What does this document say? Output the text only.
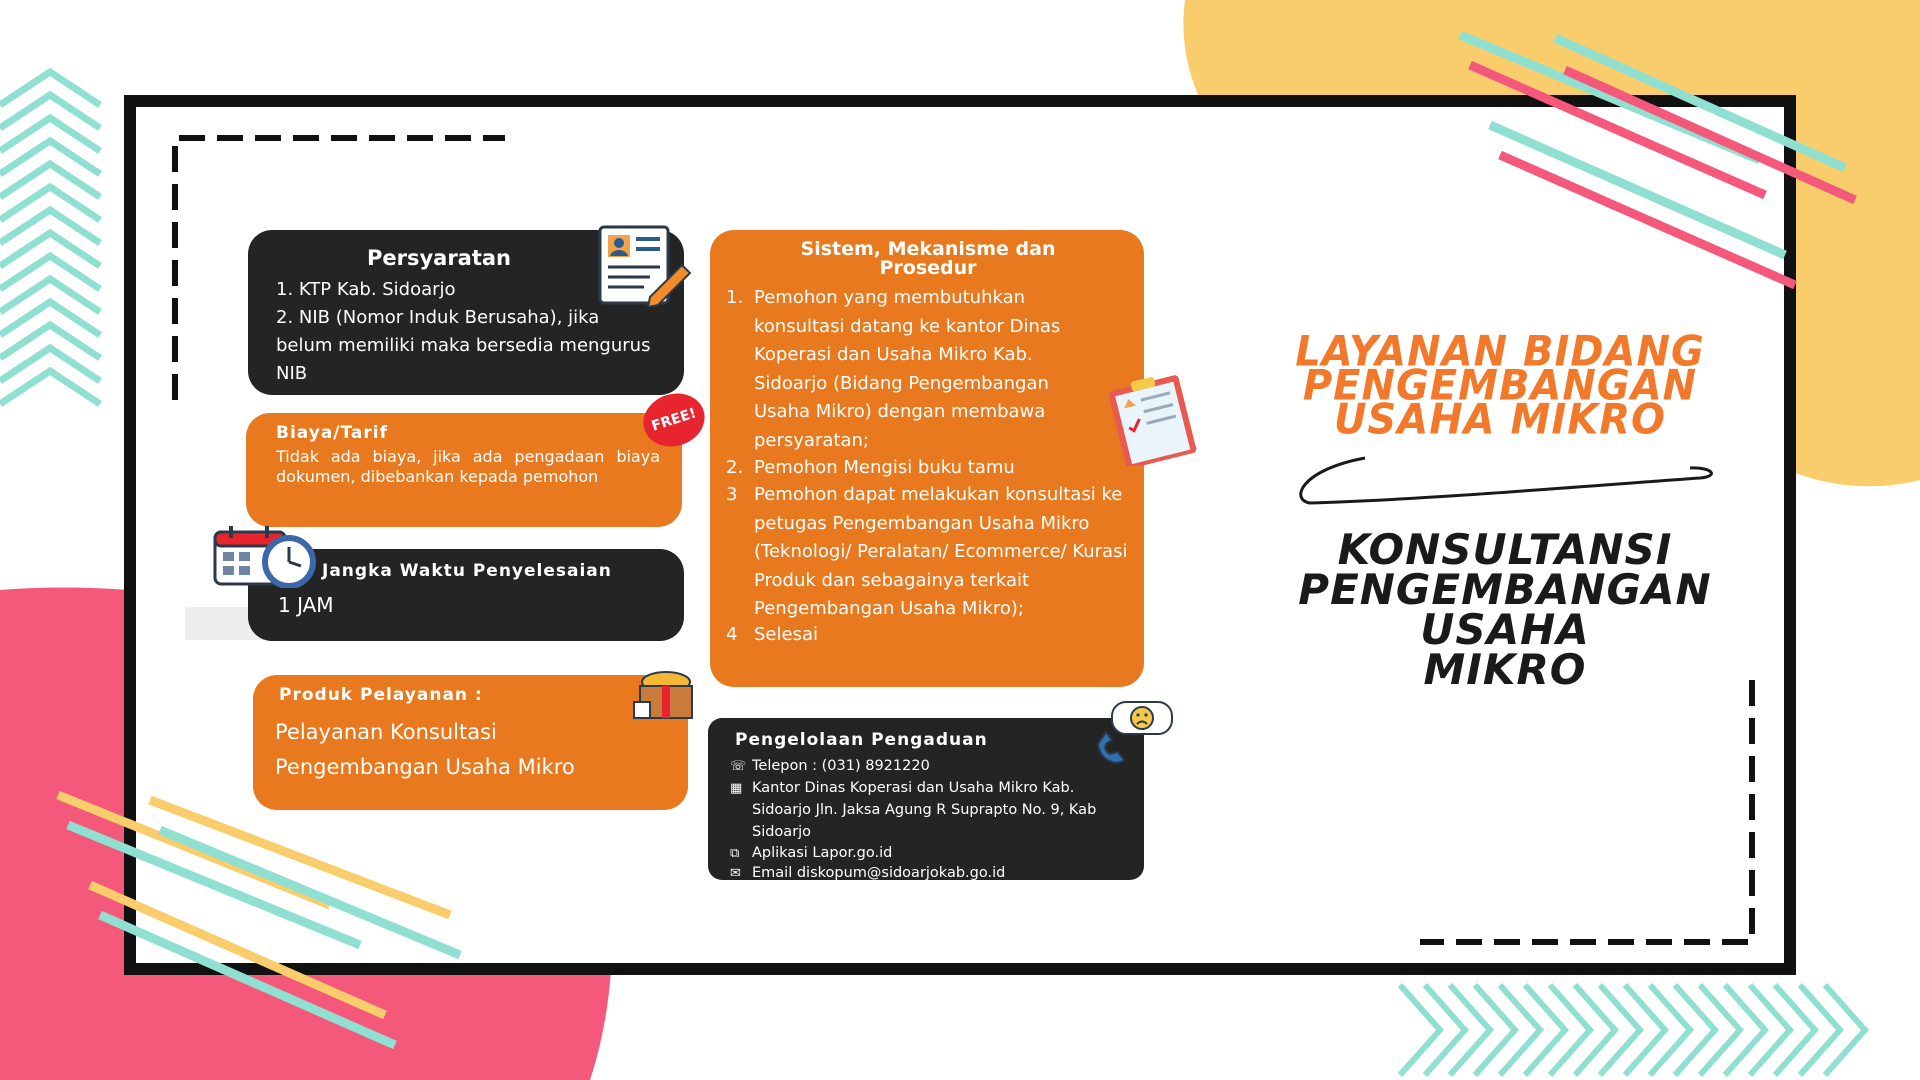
Persyaratan
1. KTP Kab. Sidoarjo
2. NIB (Nomor Induk Berusaha), jika belum memiliki maka bersedia mengurus NIB
Biaya/Tarif
Tidak ada biaya, jika ada pengadaan biaya dokumen, dibebankan kepada pemohon
FREE!
Jangka Waktu Penyelesaian
1 JAM
Produk Pelayanan :
Pelayanan Konsultasi Pengembangan Usaha Mikro
Sistem, Mekanisme dan Prosedur
1. Pemohon yang membutuhkan konsultasi datang ke kantor Dinas Koperasi dan Usaha Mikro Kab. Sidoarjo (Bidang Pengembangan Usaha Mikro) dengan membawa persyaratan;
2. Pemohon Mengisi buku tamu
3 Pemohon dapat melakukan konsultasi ke petugas Pengembangan Usaha Mikro (Teknologi/ Peralatan/ Ecommerce/ Kurasi Produk dan sebagainya terkait Pengembangan Usaha Mikro);
4 Selesai
Pengelolaan Pengaduan
☏ Telepon : (031) 8921220
▦ Kantor Dinas Koperasi dan Usaha Mikro Kab. Sidoarjo Jln. Jaksa Agung R Suprapto No. 9, Kab Sidoarjo
⧉ Aplikasi Lapor.go.id
✉ Email diskopum@sidoarjokab.go.id
LAYANAN BIDANG
PENGEMBANGAN
USAHA MIKRO
KONSULTANSI
PENGEMBANGAN USAHA
MIKRO
